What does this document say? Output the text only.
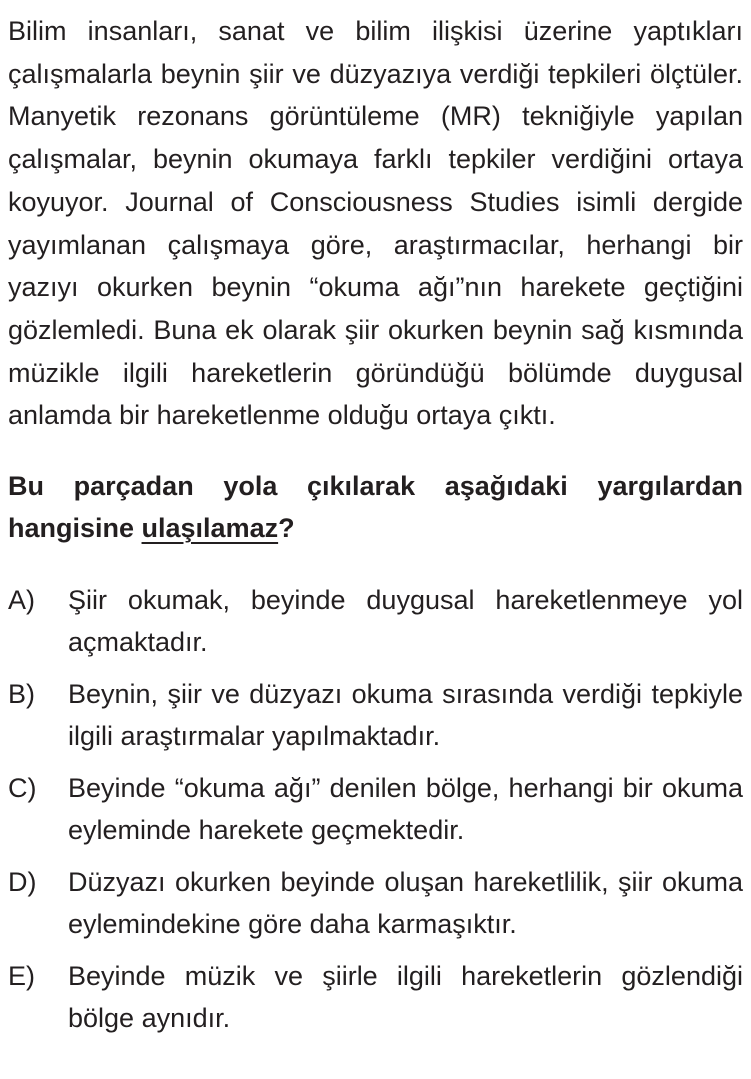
Bilim insanları, sanat ve bilim ilişkisi üzerine yaptıkları çalışmalarla beynin şiir ve düzyazıya verdiği tepkileri ölçtüler. Manyetik rezonans görüntüleme (MR) tekniğiyle yapılan çalışmalar, beynin okumaya farklı tepkiler verdiğini ortaya koyuyor. Journal of Consciousness Studies isimli dergide yayımlanan çalışmaya göre, araştırmacılar, herhangi bir yazıyı okurken beynin “okuma ağı”nın harekete geçtiğini gözlemledi. Buna ek olarak şiir okurken beynin sağ kısmında müzikle ilgili hareketlerin göründüğü bölümde duygusal anlamda bir hareketlenme olduğu ortaya çıktı.

Bu parçadan yola çıkılarak aşağıdaki yargılardan hangisine ulaşılamaz?

A)	Şiir okumak, beyinde duygusal hareketlenmeye yol açmaktadır.
B)	Beynin, şiir ve düzyazı okuma sırasında verdiği tepkiyle ilgili araştırmalar yapılmaktadır.
C)	Beyinde “okuma ağı” denilen bölge, herhangi bir okuma eyleminde harekete geçmektedir.
D)	Düzyazı okurken beyinde oluşan hareketlilik, şiir okuma eylemindekine göre daha karmaşıktır.
E)	Beyinde müzik ve şiirle ilgili hareketlerin gözlendiği bölge aynıdır.
